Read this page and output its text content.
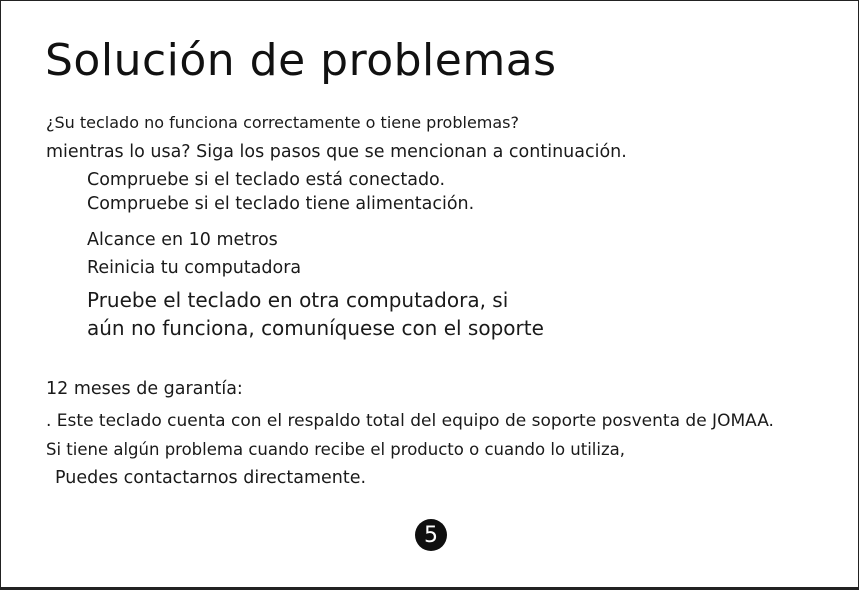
Solución de problemas
¿Su teclado no funciona correctamente o tiene problemas?
mientras lo usa? Siga los pasos que se mencionan a continuación.
Compruebe si el teclado está conectado.
Compruebe si el teclado tiene alimentación.
Alcance en 10 metros
Reinicia tu computadora
Pruebe el teclado en otra computadora, si
aún no funciona, comuníquese con el soporte
12 meses de garantía:
. Este teclado cuenta con el respaldo total del equipo de soporte posventa de JOMAA.
Si tiene algún problema cuando recibe el producto o cuando lo utiliza,
Puedes contactarnos directamente.
5
